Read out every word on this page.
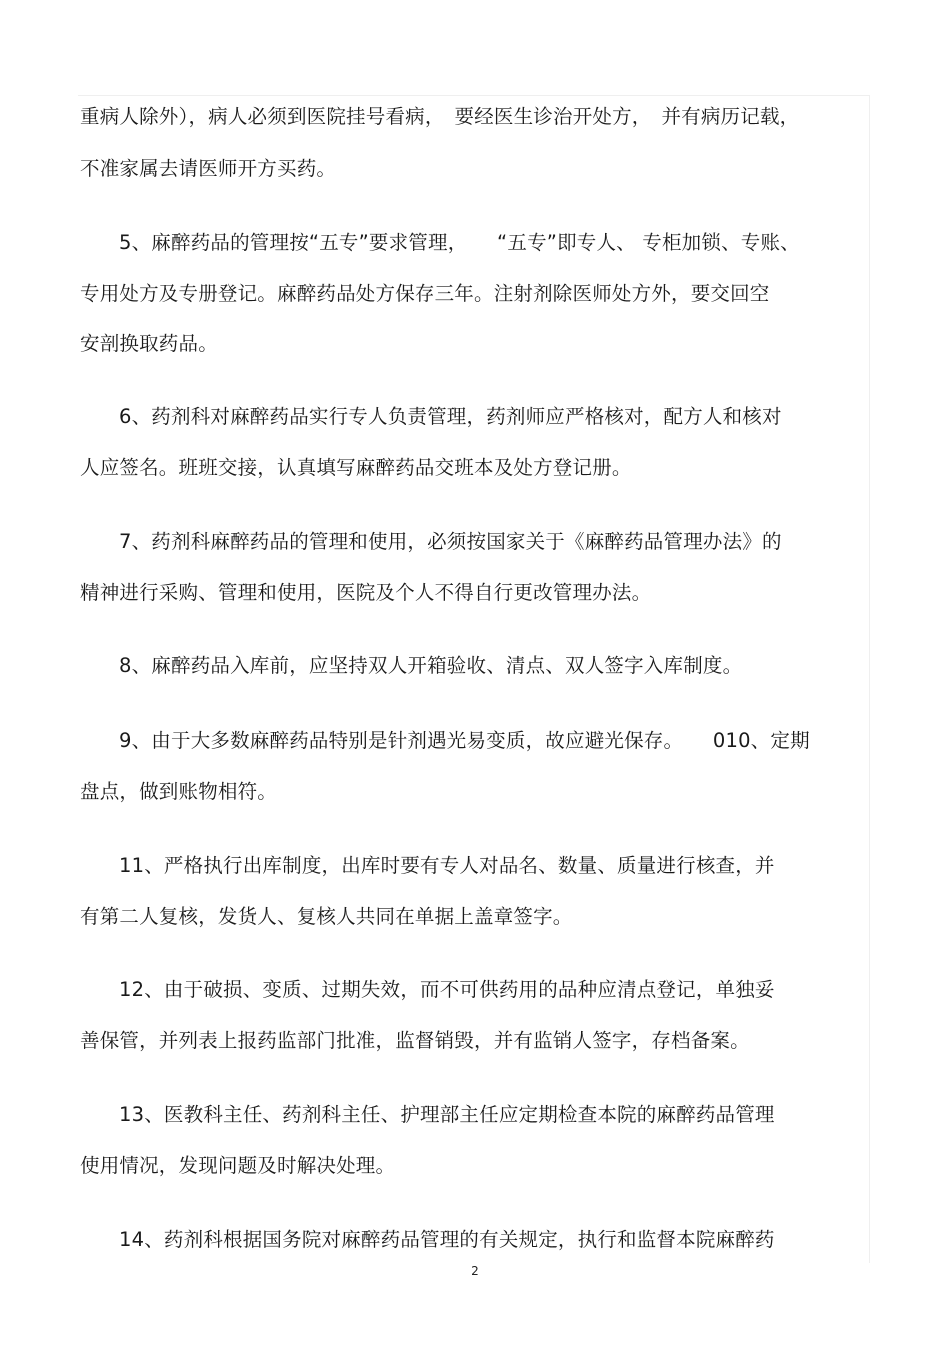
重病人除外），病人必须到医院挂号看病，　要经医生诊治开处方，　并有病历记载，
不准家属去请医师开方买药。
5、麻醉药品的管理按“五专”要求管理，　　“五专”即专人、 专柜加锁、专账、
专用处方及专册登记。麻醉药品处方保存三年。注射剂除医师处方外，要交回空
安剖换取药品。
6、药剂科对麻醉药品实行专人负责管理，药剂师应严格核对，配方人和核对
人应签名。班班交接，认真填写麻醉药品交班本及处方登记册。
7、药剂科麻醉药品的管理和使用，必须按国家关于《麻醉药品管理办法》的
精神进行采购、管理和使用，医院及个人不得自行更改管理办法。
8、麻醉药品入库前，应坚持双人开箱验收、清点、双人签字入库制度。
9、由于大多数麻醉药品特别是针剂遇光易变质，故应避光保存。　　010、定期
盘点，做到账物相符。
11、严格执行出库制度，出库时要有专人对品名、数量、质量进行核查，并
有第二人复核，发货人、复核人共同在单据上盖章签字。
12、由于破损、变质、过期失效，而不可供药用的品种应清点登记，单独妥
善保管，并列表上报药监部门批准，监督销毁，并有监销人签字，存档备案。
13、医教科主任、药剂科主任、护理部主任应定期检查本院的麻醉药品管理
使用情况，发现问题及时解决处理。
14、药剂科根据国务院对麻醉药品管理的有关规定，执行和监督本院麻醉药
2
